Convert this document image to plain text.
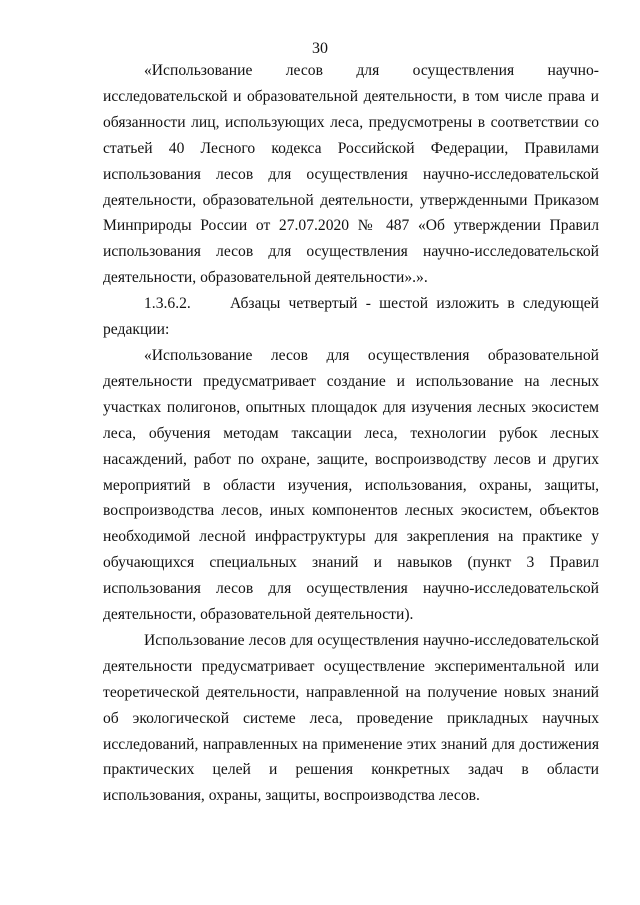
30

«Использование лесов для осуществления научно-исследовательской и образовательной деятельности, в том числе права и обязанности лиц, использующих леса, предусмотрены в соответствии со статьей 40 Лесного кодекса Российской Федерации, Правилами использования лесов для осуществления научно-исследовательской деятельности, образовательной деятельности, утвержденными Приказом Минприроды России от 27.07.2020 № 487 «Об утверждении Правил использования лесов для осуществления научно-исследовательской деятельности, образовательной деятельности».».

1.3.6.2.	Абзацы четвертый - шестой изложить в следующей редакции:

«Использование лесов для осуществления образовательной деятельности предусматривает создание и использование на лесных участках полигонов, опытных площадок для изучения лесных экосистем леса, обучения методам таксации леса, технологии рубок лесных насаждений, работ по охране, защите, воспроизводству лесов и других мероприятий в области изучения, использования, охраны, защиты, воспроизводства лесов, иных компонентов лесных экосистем, объектов необходимой лесной инфраструктуры для закрепления на практике у обучающихся специальных знаний и навыков (пункт 3 Правил использования лесов для осуществления научно-исследовательской деятельности, образовательной деятельности).

Использование лесов для осуществления научно-исследовательской деятельности предусматривает осуществление экспериментальной или теоретической деятельности, направленной на получение новых знаний об экологической системе леса, проведение прикладных научных исследований, направленных на применение этих знаний для достижения практических целей и решения конкретных задач в области использования, охраны, защиты, воспроизводства лесов.
